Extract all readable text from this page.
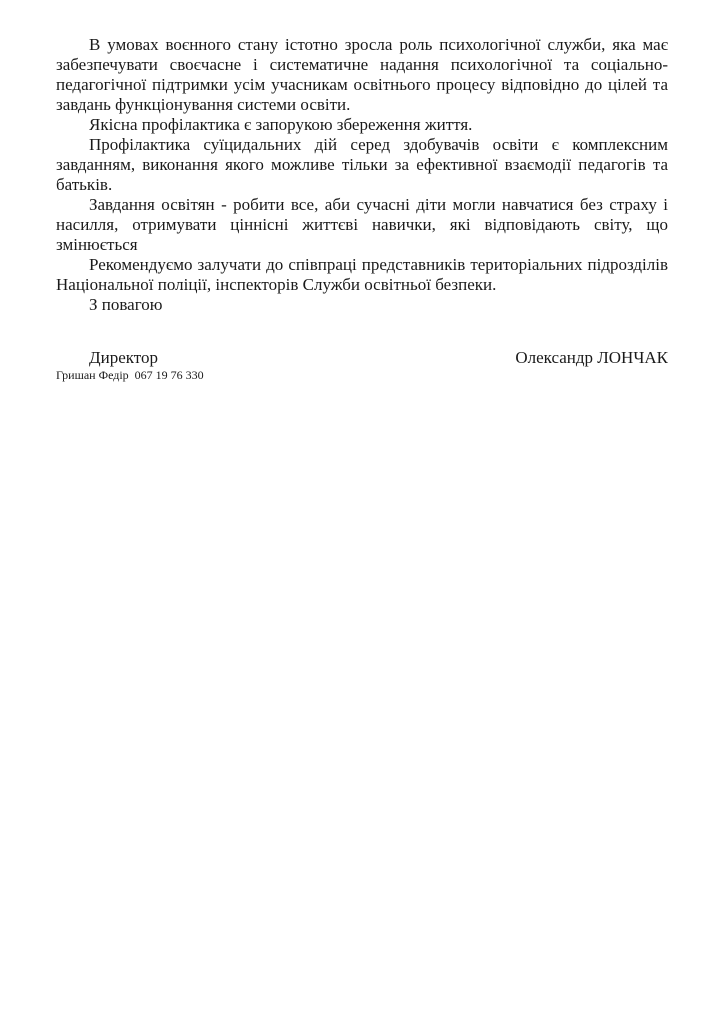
В умовах воєнного стану істотно зросла роль психологічної служби, яка має забезпечувати своєчасне і систематичне надання психологічної та соціально-педагогічної підтримки усім учасникам освітнього процесу відповідно до цілей та завдань функціонування системи освіти.

Якісна профілактика є запорукою збереження життя.

Профілактика суїцидальних дій серед здобувачів освіти є комплексним завданням, виконання якого можливе тільки за ефективної взаємодії педагогів та батьків.

Завдання освітян - робити все, аби сучасні діти могли навчатися без страху і насилля, отримувати ціннісні життєві навички, які відповідають світу, що змінюється

Рекомендуємо залучати до співпраці представників територіальних підрозділів Національної поліції, інспекторів Служби освітньої безпеки.

З повагою

Директор	Олександр ЛОНЧАК

Гришан Федір  067 19 76 330
